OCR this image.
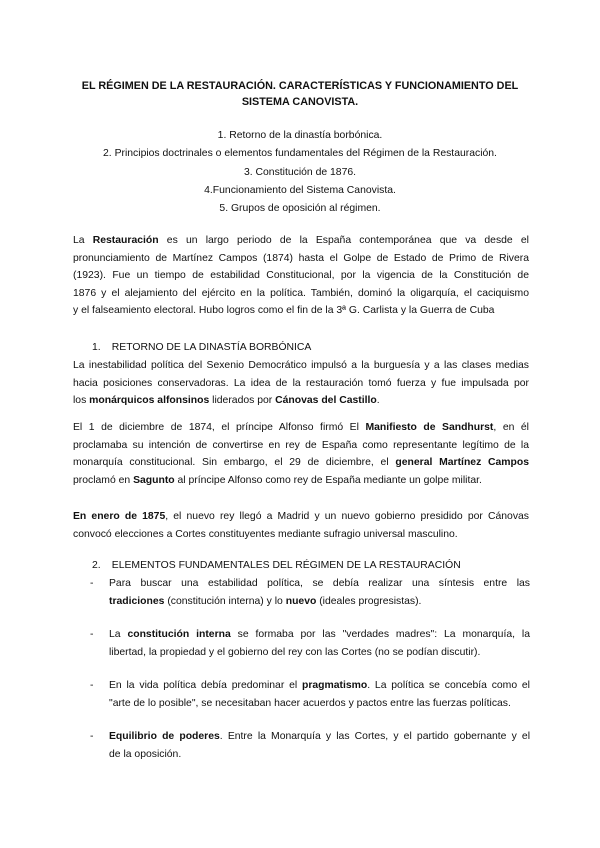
EL RÉGIMEN DE LA RESTAURACIÓN. CARACTERÍSTICAS Y FUNCIONAMIENTO DEL
SISTEMA CANOVISTA.
1. Retorno de la dinastía borbónica.
2. Principios doctrinales o elementos fundamentales del Régimen de la Restauración.
3. Constitución de 1876.
4.Funcionamiento del Sistema Canovista.
5. Grupos de oposición al régimen.
La Restauración es un largo periodo de la España contemporánea que va desde el
pronunciamiento de Martínez Campos (1874) hasta el Golpe de Estado de Primo de Rivera
(1923). Fue un tiempo de estabilidad Constitucional, por la vigencia de la Constitución de
1876 y el alejamiento del ejército en la política. También, dominó la oligarquía, el caciquismo
y el falseamiento electoral. Hubo logros como el fin de la 3ª G. Carlista y la Guerra de Cuba
1. RETORNO DE LA DINASTÍA BORBÓNICA
La inestabilidad política del Sexenio Democrático impulsó a la burguesía y a las clases medias
hacia posiciones conservadoras. La idea de la restauración tomó fuerza y fue impulsada por
los monárquicos alfonsinos liderados por Cánovas del Castillo.
El 1 de diciembre de 1874, el príncipe Alfonso firmó El Manifiesto de Sandhurst, en él
proclamaba su intención de convertirse en rey de España como representante legítimo de la
monarquía constitucional. Sin embargo, el 29 de diciembre, el general Martínez Campos
proclamó en Sagunto al príncipe Alfonso como rey de España mediante un golpe militar.
En enero de 1875, el nuevo rey llegó a Madrid y un nuevo gobierno presidido por Cánovas
convocó elecciones a Cortes constituyentes mediante sufragio universal masculino.
2. ELEMENTOS FUNDAMENTALES DEL RÉGIMEN DE LA RESTAURACIÓN
- Para buscar una estabilidad política, se debía realizar una síntesis entre las
tradiciones (constitución interna) y lo nuevo (ideales progresistas).
- La constitución interna se formaba por las "verdades madres": La monarquía, la
libertad, la propiedad y el gobierno del rey con las Cortes (no se podían discutir).
- En la vida política debía predominar el pragmatismo. La política se concebía como el
"arte de lo posible", se necesitaban hacer acuerdos y pactos entre las fuerzas políticas.
- Equilibrio de poderes. Entre la Monarquía y las Cortes, y el partido gobernante y el
de la oposición.
